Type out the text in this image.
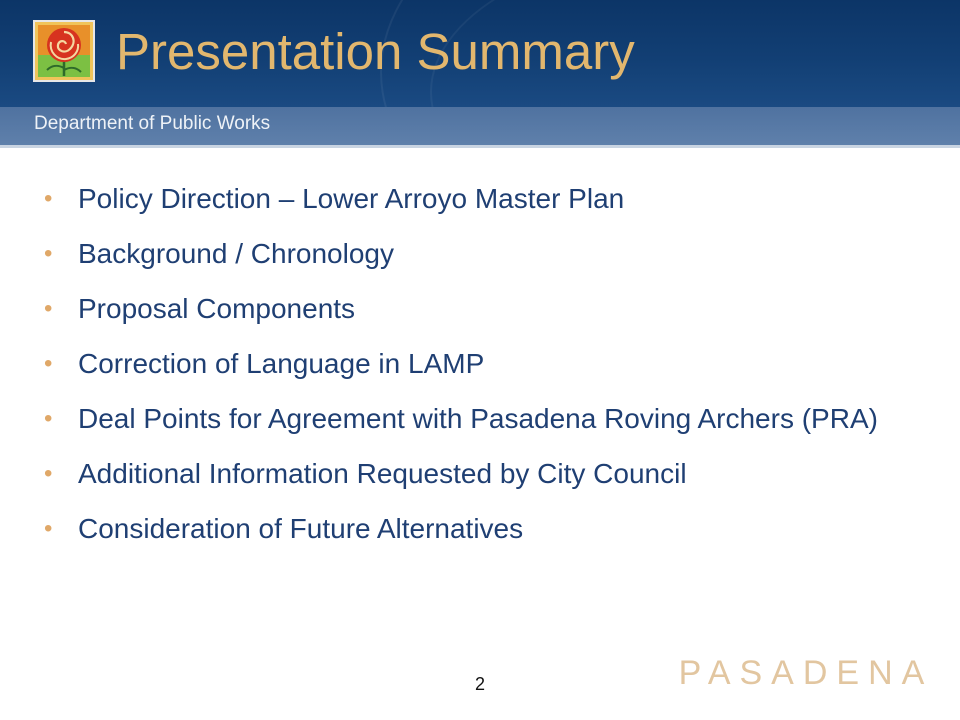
Presentation Summary
Department of Public Works
• Policy Direction – Lower Arroyo Master Plan
• Background / Chronology
• Proposal Components
• Correction of Language in LAMP
• Deal Points for Agreement with Pasadena Roving Archers (PRA)
• Additional Information Requested by City Council
• Consideration of Future Alternatives
PASADENA
2
